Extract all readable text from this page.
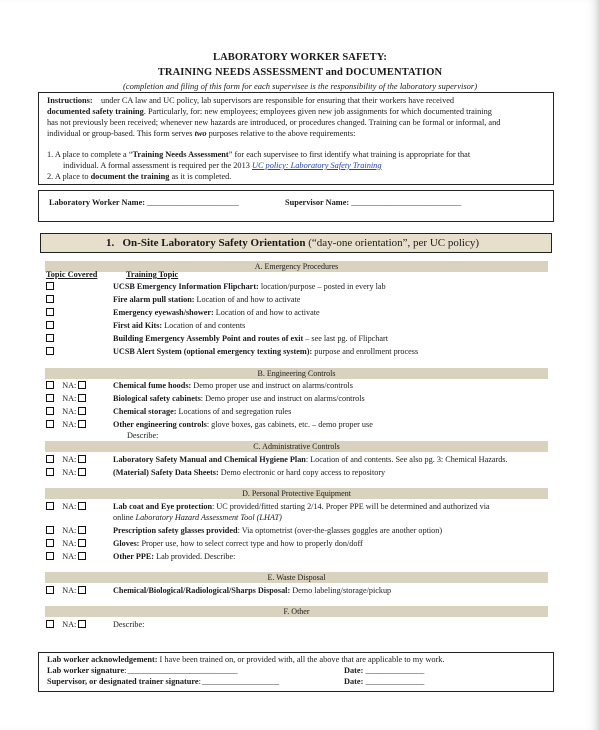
LABORATORY WORKER SAFETY:
TRAINING NEEDS ASSESSMENT and DOCUMENTATION
(completion and filing of this form for each supervisee is the responsibility of the laboratory supervisor)
Instructions: under CA law and UC policy, lab supervisors are responsible for ensuring that their workers have received
documented safety training. Particularly, for: new employees; employees given new job assignments for which documented training
has not previously been received; whenever new hazards are introduced, or procedures changed. Training can be formal or informal, and
individual or group-based. This form serves two purposes relative to the above requirements:
1. A place to complete a “Training Needs Assessment” for each supervisee to first identify what training is appropriate for that
individual. A formal assessment is required per the 2013 UC policy: Laboratory Safety Training
2. A place to document the training as it is completed.
Laboratory Worker Name: _________________________	Supervisor Name: ______________________________
1. On-Site Laboratory Safety Orientation (“day-one orientation”, per UC policy)
A. Emergency Procedures
Topic Covered	Training Topic
UCSB Emergency Information Flipchart: location/purpose – posted in every lab
Fire alarm pull station: Location of and how to activate
Emergency eyewash/shower: Location of and how to activate
First aid Kits: Location of and contents
Building Emergency Assembly Point and routes of exit – see last pg. of Flipchart
UCSB Alert System (optional emergency texting system): purpose and enrollment process
B. Engineering Controls
NA:	Chemical fume hoods: Demo proper use and instruct on alarms/controls
NA:	Biological safety cabinets: Demo proper use and instruct on alarms/controls
NA:	Chemical storage: Locations of and segregation rules
NA:	Other engineering controls: glove boxes, gas cabinets, etc. – demo proper use
Describe:
C. Administrative Controls
NA:	Laboratory Safety Manual and Chemical Hygiene Plan: Location of and contents. See also pg. 3: Chemical Hazards.
NA:	(Material) Safety Data Sheets: Demo electronic or hard copy access to repository
D. Personal Protective Equipment
NA:	Lab coat and Eye protection: UC provided/fitted starting 2/14. Proper PPE will be determined and authorized via
online Laboratory Hazard Assessment Tool (LHAT)
NA:	Prescription safety glasses provided: Via optometrist (over-the-glasses goggles are another option)
NA:	Gloves: Proper use, how to select correct type and how to properly don/doff
NA:	Other PPE: Lab provided. Describe:
E. Waste Disposal
NA:	Chemical/Biological/Radiological/Sharps Disposal: Demo labeling/storage/pickup
F. Other
NA:	Describe:
Lab worker acknowledgement: I have been trained on, or provided with, all the above that are applicable to my work.
Lab worker signature: ______________________________	Date: ________________
Supervisor, or designated trainer signature: _____________________	Date: ________________
